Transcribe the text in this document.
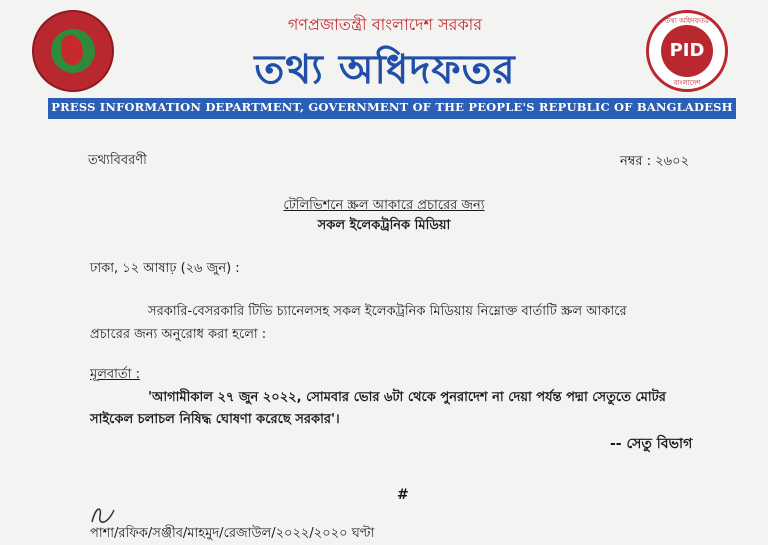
গণপ্রজাতন্ত্রী বাংলাদেশ সরকার
তথ্য অধিদফতর
তথ্য অধিদফতর
PID
বাংলাদেশ
PRESS INFORMATION DEPARTMENT, GOVERNMENT OF THE PEOPLE'S REPUBLIC OF BANGLADESH
তথ্যবিবরণী	নম্বর : ২৬০২
টেলিভিশনে স্ক্রল আকারে প্রচারের জন্য
সকল ইলেকট্রনিক মিডিয়া
ঢাকা, ১২ আষাঢ় (২৬ জুন) :
সরকারি-বেসরকারি টিভি চ্যানেলসহ সকল ইলেকট্রনিক মিডিয়ায় নিম্নোক্ত বার্তাটি স্ক্রল আকারে
প্রচারের জন্য অনুরোধ করা হলো :
মূলবার্তা :
'আগামীকাল ২৭ জুন ২০২২, সোমবার ভোর ৬টা থেকে পুনরাদেশ না দেয়া পর্যন্ত পদ্মা সেতুতে মোটর
সাইকেল চলাচল নিষিদ্ধ ঘোষণা করেছে সরকার'।
-- সেতু বিভাগ
#
পাশা/রফিক/সঞ্জীব/মাহমুদ/রেজাউল/২০২২/২০২০ ঘণ্টা
